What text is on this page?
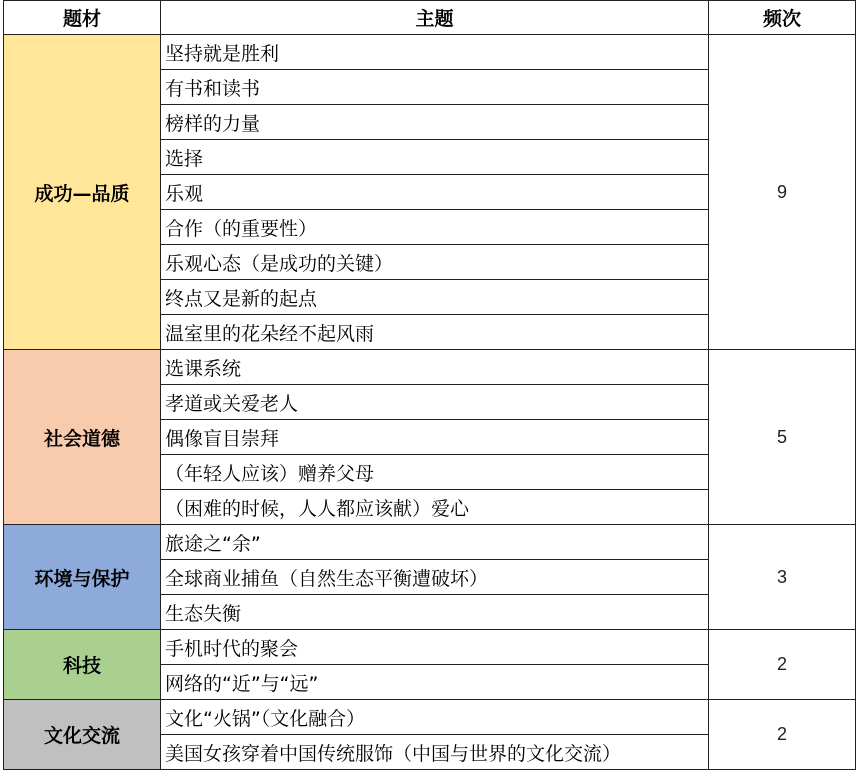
题材	主题	频次
成功—品质	坚持就是胜利	9
	有书和读书	
	榜样的力量	
	选择	
	乐观	
	合作（的重要性）	
	乐观心态（是成功的关键）	
	终点又是新的起点	
	温室里的花朵经不起风雨	
社会道德	选课系统	5
	孝道或关爱老人	
	偶像盲目崇拜	
	（年轻人应该）赠养父母	
	（困难的时候，人人都应该献）爱心	
环境与保护	旅途之“余”	3
	全球商业捕鱼（自然生态平衡遭破坏）	
	生态失衡	
科技	手机时代的聚会	2
	网络的“近”与“远”	
文化交流	文化“火锅”（文化融合）	2
	美国女孩穿着中国传统服饰（中国与世界的文化交流）	
